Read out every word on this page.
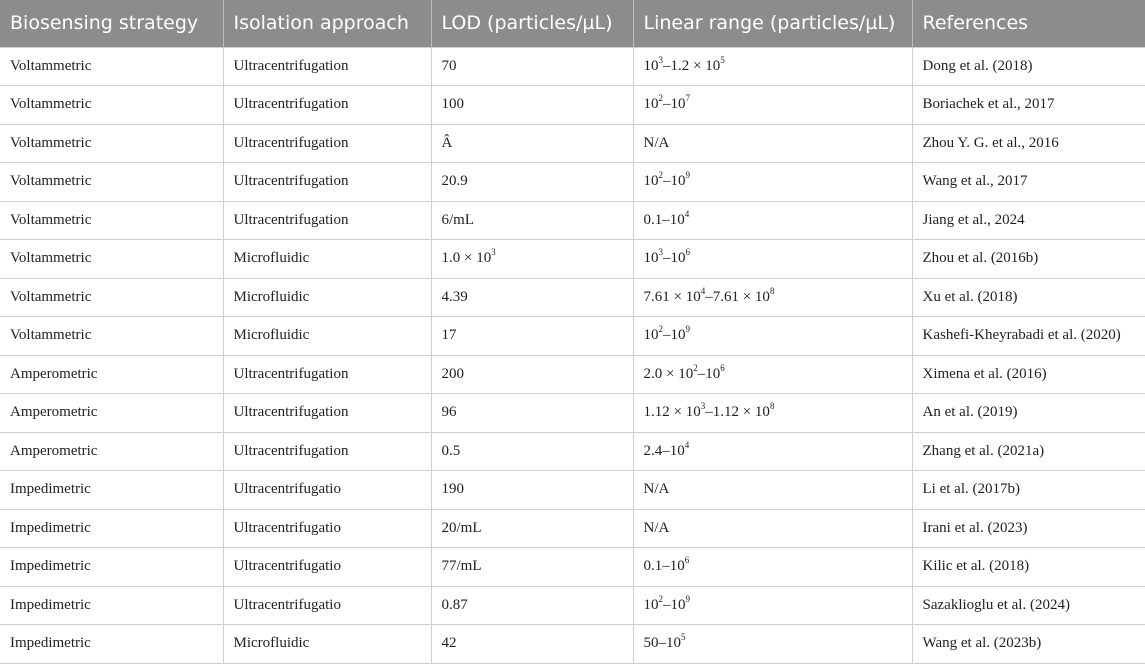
Biosensing strategy	Isolation approach	LOD (particles/µL)	Linear range (particles/µL)	References
Voltammetric	Ultracentrifugation	70	$10^3-1.2 \times 10^5$	Dong et al. (2018)
Voltammetric	Ultracentrifugation	100	$10^2-10^7$	Boriachek et al., 2017
Voltammetric	Ultracentrifugation	Â	N/A	Zhou Y. G. et al., 2016
Voltammetric	Ultracentrifugation	20.9	$10^2-10^9$	Wang et al., 2017
Voltammetric	Ultracentrifugation	6/mL	$0.1-10^4$	Jiang et al., 2024
Voltammetric	Microfluidic	$1.0 \times 10^3$	$10^3-10^6$	Zhou et al. (2016b)
Voltammetric	Microfluidic	4.39	$7.61 \times 10^4-7.61 \times 10^8$	Xu et al. (2018)
Voltammetric	Microfluidic	17	$10^2-10^9$	Kashefi-Kheyrabadi et al. (2020)
Amperometric	Ultracentrifugation	200	$2.0 \times 10^2-10^6$	Ximena et al. (2016)
Amperometric	Ultracentrifugation	96	$1.12 \times 10^3-1.12 \times 10^8$	An et al. (2019)
Amperometric	Ultracentrifugation	0.5	$2.4-10^4$	Zhang et al. (2021a)
Impedimetric	Ultracentrifugatio	190	N/A	Li et al. (2017b)
Impedimetric	Ultracentrifugatio	20/mL	N/A	Irani et al. (2023)
Impedimetric	Ultracentrifugatio	77/mL	$0.1-10^6$	Kilic et al. (2018)
Impedimetric	Ultracentrifugatio	0.87	$10^2-10^9$	Sazaklioglu et al. (2024)
Impedimetric	Microfluidic	42	$50-10^5$	Wang et al. (2023b)
